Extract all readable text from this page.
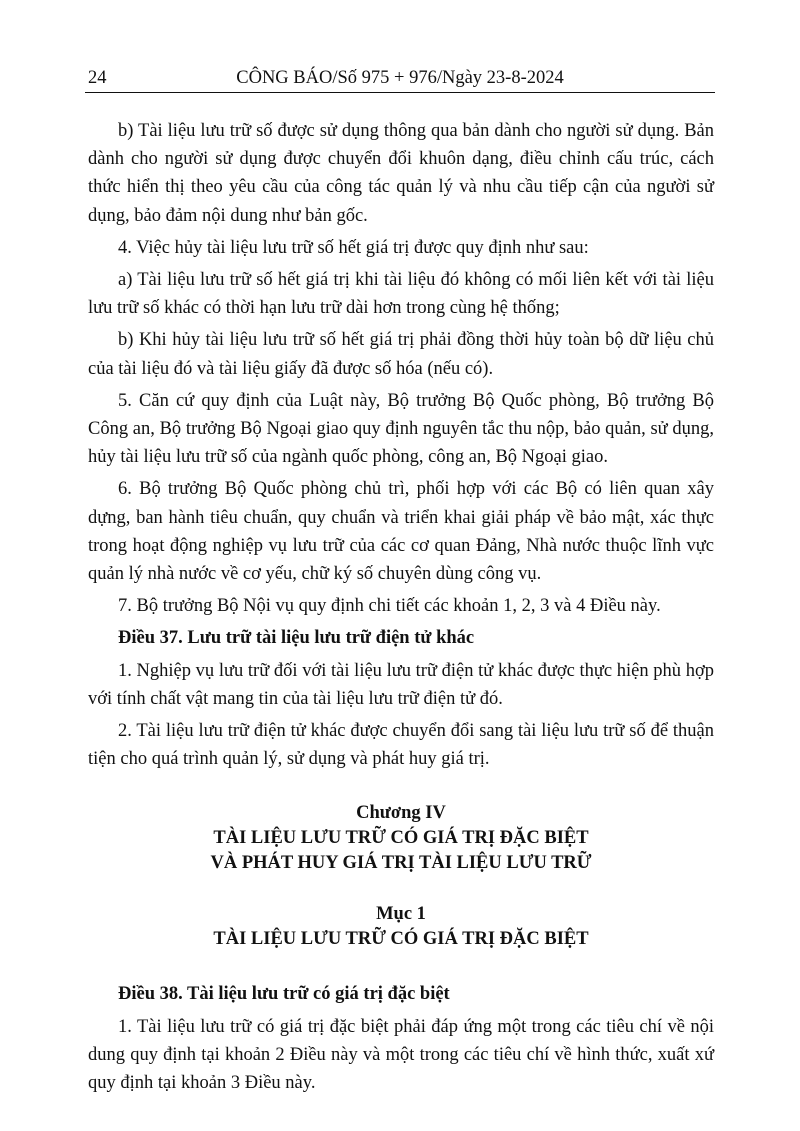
24	CÔNG BÁO/Số 975 + 976/Ngày 23-8-2024

b) Tài liệu lưu trữ số được sử dụng thông qua bản dành cho người sử dụng. Bản dành cho người sử dụng được chuyển đổi khuôn dạng, điều chỉnh cấu trúc, cách thức hiển thị theo yêu cầu của công tác quản lý và nhu cầu tiếp cận của người sử dụng, bảo đảm nội dung như bản gốc.

4. Việc hủy tài liệu lưu trữ số hết giá trị được quy định như sau:

a) Tài liệu lưu trữ số hết giá trị khi tài liệu đó không có mối liên kết với tài liệu lưu trữ số khác có thời hạn lưu trữ dài hơn trong cùng hệ thống;

b) Khi hủy tài liệu lưu trữ số hết giá trị phải đồng thời hủy toàn bộ dữ liệu chủ của tài liệu đó và tài liệu giấy đã được số hóa (nếu có).

5. Căn cứ quy định của Luật này, Bộ trưởng Bộ Quốc phòng, Bộ trưởng Bộ Công an, Bộ trưởng Bộ Ngoại giao quy định nguyên tắc thu nộp, bảo quản, sử dụng, hủy tài liệu lưu trữ số của ngành quốc phòng, công an, Bộ Ngoại giao.

6. Bộ trưởng Bộ Quốc phòng chủ trì, phối hợp với các Bộ có liên quan xây dựng, ban hành tiêu chuẩn, quy chuẩn và triển khai giải pháp về bảo mật, xác thực trong hoạt động nghiệp vụ lưu trữ của các cơ quan Đảng, Nhà nước thuộc lĩnh vực quản lý nhà nước về cơ yếu, chữ ký số chuyên dùng công vụ.

7. Bộ trưởng Bộ Nội vụ quy định chi tiết các khoản 1, 2, 3 và 4 Điều này.

Điều 37. Lưu trữ tài liệu lưu trữ điện tử khác

1. Nghiệp vụ lưu trữ đối với tài liệu lưu trữ điện tử khác được thực hiện phù hợp với tính chất vật mang tin của tài liệu lưu trữ điện tử đó.

2. Tài liệu lưu trữ điện tử khác được chuyển đổi sang tài liệu lưu trữ số để thuận tiện cho quá trình quản lý, sử dụng và phát huy giá trị.

Chương IV

TÀI LIỆU LƯU TRỮ CÓ GIÁ TRỊ ĐẶC BIỆT

VÀ PHÁT HUY GIÁ TRỊ TÀI LIỆU LƯU TRỮ

Mục 1

TÀI LIỆU LƯU TRỮ CÓ GIÁ TRỊ ĐẶC BIỆT

Điều 38. Tài liệu lưu trữ có giá trị đặc biệt

1. Tài liệu lưu trữ có giá trị đặc biệt phải đáp ứng một trong các tiêu chí về nội dung quy định tại khoản 2 Điều này và một trong các tiêu chí về hình thức, xuất xứ quy định tại khoản 3 Điều này.
